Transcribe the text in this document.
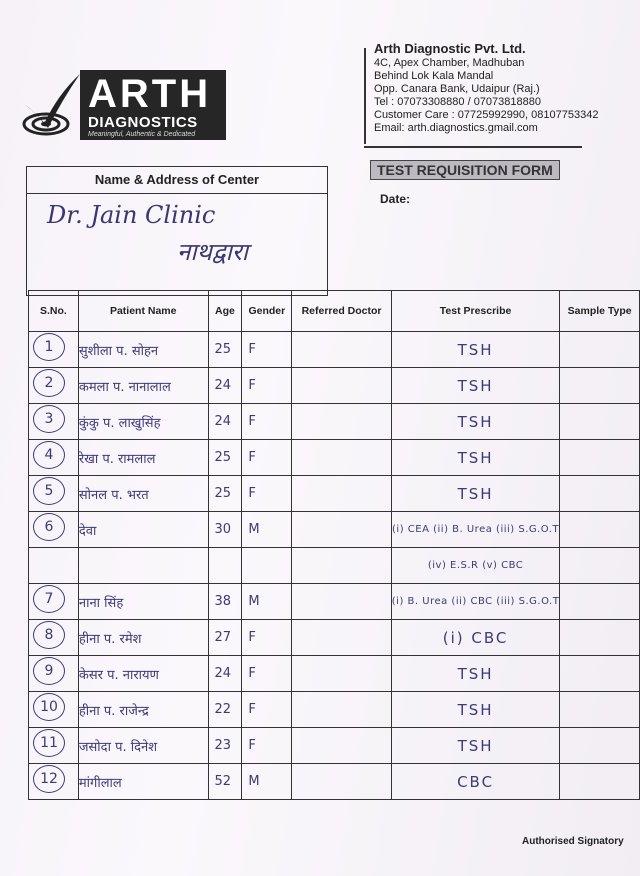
ARTH
DIAGNOSTICS
Meaningful, Authentic & Dedicated
Arth Diagnostic Pvt. Ltd.
4C, Apex Chamber, Madhuban
Behind Lok Kala Mandal
Opp. Canara Bank, Udaipur (Raj.)
Tel : 07073308880 / 07073818880
Customer Care : 07725992990, 08107753342
Email: arth.diagnostics.gmail.com
TEST REQUISITION FORM
Date:
Name & Address of Center
Dr. Jain Clinic
नाथद्वारा
S.No.	Patient Name	Age	Gender	Referred Doctor	Test Prescribe	Sample Type
1	सुशीला प. सोहन	25	F		TSH	
2	कमला प. नानालाल	24	F		TSH	
3	कुंकु प. लाखुसिंह	24	F		TSH	
4	रेखा प. रामलाल	25	F		TSH	
5	सोनल प. भरत	25	F		TSH	
6	देवा	30	M		(i) CEA (ii) B. Urea (iii) S.G.O.T	
					(iv) E.S.R (v) CBC	
7	नाना सिंह	38	M		(i) B. Urea (ii) CBC (iii) S.G.O.T	
8	हीना प. रमेश	27	F		(i) CBC	
9	केसर प. नारायण	24	F		TSH	
10	हीना प. राजेन्द्र	22	F		TSH	
11	जसोदा प. दिनेश	23	F		TSH	
12	मांगीलाल	52	M		CBC	
Authorised Signatory
